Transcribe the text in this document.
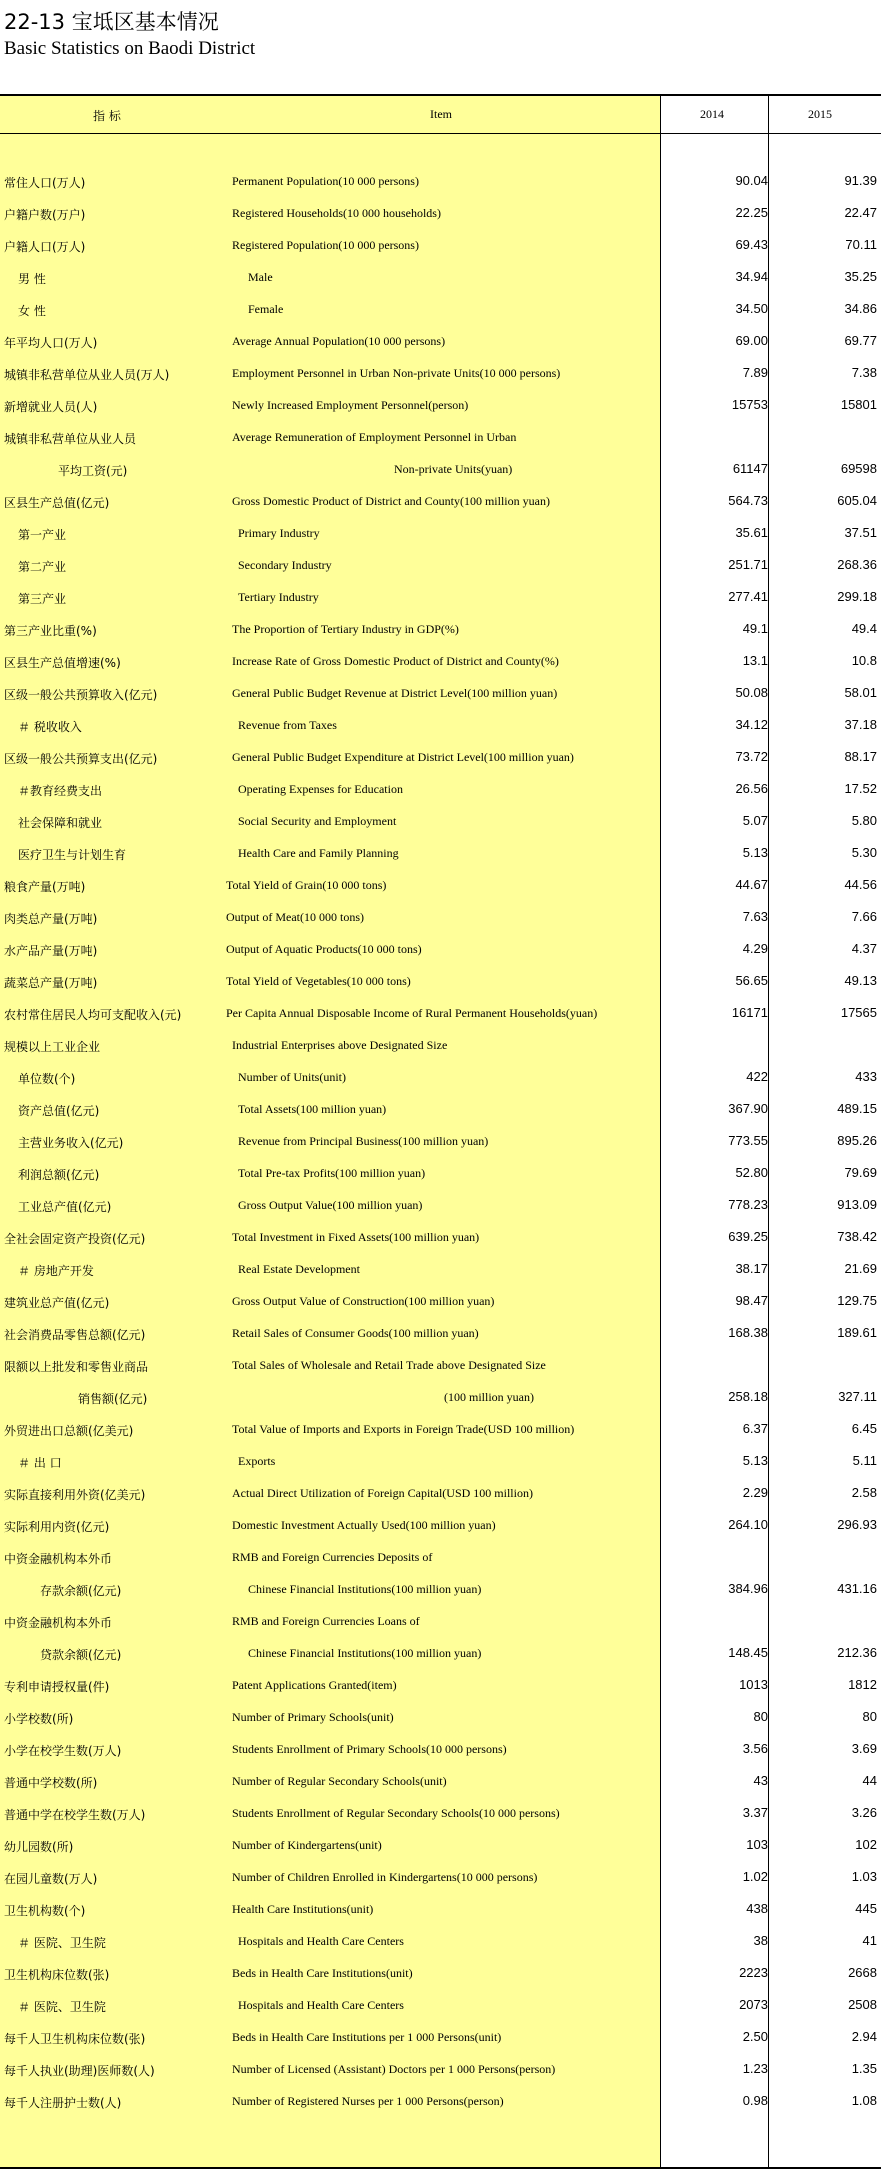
22-13 宝坻区基本情况
Basic Statistics on Baodi District
指 标	Item	2014	2015
常住人口(万人)	Permanent Population(10 000 persons)	90.04	91.39
户籍户数(万户)	Registered Households(10 000 households)	22.25	22.47
户籍人口(万人)	Registered Population(10 000 persons)	69.43	70.11
男 性	Male	34.94	35.25
女 性	Female	34.50	34.86
年平均人口(万人)	Average Annual Population(10 000 persons)	69.00	69.77
城镇非私营单位从业人员(万人)	Employment Personnel in Urban Non-private Units(10 000 persons)	7.89	7.38
新增就业人员(人)	Newly Increased Employment Personnel(person)	15753	15801
城镇非私营单位从业人员	Average Remuneration of Employment Personnel in Urban
平均工资(元)	Non-private Units(yuan)	61147	69598
区县生产总值(亿元)	Gross Domestic Product of District and County(100 million yuan)	564.73	605.04
第一产业	Primary Industry	35.61	37.51
第二产业	Secondary Industry	251.71	268.36
第三产业	Tertiary Industry	277.41	299.18
第三产业比重(%)	The Proportion of Tertiary Industry in GDP(%)	49.1	49.4
区县生产总值增速(%)	Increase Rate of Gross Domestic Product of District and County(%)	13.1	10.8
区级一般公共预算收入(亿元)	General Public Budget Revenue at District Level(100 million yuan)	50.08	58.01
＃ 税收收入	Revenue from Taxes	34.12	37.18
区级一般公共预算支出(亿元)	General Public Budget Expenditure at District Level(100 million yuan)	73.72	88.17
＃教育经费支出	Operating Expenses for Education	26.56	17.52
社会保障和就业	Social Security and Employment	5.07	5.80
医疗卫生与计划生育	Health Care and Family Planning	5.13	5.30
粮食产量(万吨)	Total Yield of Grain(10 000 tons)	44.67	44.56
肉类总产量(万吨)	Output of Meat(10 000 tons)	7.63	7.66
水产品产量(万吨)	Output of Aquatic Products(10 000 tons)	4.29	4.37
蔬菜总产量(万吨)	Total Yield of Vegetables(10 000 tons)	56.65	49.13
农村常住居民人均可支配收入(元)	Per Capita Annual Disposable Income of Rural Permanent Households(yuan)	16171	17565
规模以上工业企业	Industrial Enterprises above Designated Size
单位数(个)	Number of Units(unit)	422	433
资产总值(亿元)	Total Assets(100 million yuan)	367.90	489.15
主营业务收入(亿元)	Revenue from Principal Business(100 million yuan)	773.55	895.26
利润总额(亿元)	Total Pre-tax Profits(100 million yuan)	52.80	79.69
工业总产值(亿元)	Gross Output Value(100 million yuan)	778.23	913.09
全社会固定资产投资(亿元)	Total Investment in Fixed Assets(100 million yuan)	639.25	738.42
＃ 房地产开发	Real Estate Development	38.17	21.69
建筑业总产值(亿元)	Gross Output Value of Construction(100 million yuan)	98.47	129.75
社会消费品零售总额(亿元)	Retail Sales of Consumer Goods(100 million yuan)	168.38	189.61
限额以上批发和零售业商品	Total Sales of Wholesale and Retail Trade above Designated Size
销售额(亿元)	(100 million yuan)	258.18	327.11
外贸进出口总额(亿美元)	Total Value of Imports and Exports in Foreign Trade(USD 100 million)	6.37	6.45
＃ 出 口	Exports	5.13	5.11
实际直接利用外资(亿美元)	Actual Direct Utilization of Foreign Capital(USD 100 million)	2.29	2.58
实际利用内资(亿元)	Domestic Investment Actually Used(100 million yuan)	264.10	296.93
中资金融机构本外币	RMB and Foreign Currencies Deposits of
存款余额(亿元)	Chinese Financial Institutions(100 million yuan)	384.96	431.16
中资金融机构本外币	RMB and Foreign Currencies Loans of
贷款余额(亿元)	Chinese Financial Institutions(100 million yuan)	148.45	212.36
专利申请授权量(件)	Patent Applications Granted(item)	1013	1812
小学校数(所)	Number of Primary Schools(unit)	80	80
小学在校学生数(万人)	Students Enrollment of Primary Schools(10 000 persons)	3.56	3.69
普通中学校数(所)	Number of Regular Secondary Schools(unit)	43	44
普通中学在校学生数(万人)	Students Enrollment of Regular Secondary Schools(10 000 persons)	3.37	3.26
幼儿园数(所)	Number of Kindergartens(unit)	103	102
在园儿童数(万人)	Number of Children Enrolled in Kindergartens(10 000 persons)	1.02	1.03
卫生机构数(个)	Health Care Institutions(unit)	438	445
＃ 医院、卫生院	Hospitals and Health Care Centers	38	41
卫生机构床位数(张)	Beds in Health Care Institutions(unit)	2223	2668
＃ 医院、卫生院	Hospitals and Health Care Centers	2073	2508
每千人卫生机构床位数(张)	Beds in Health Care Institutions per 1 000 Persons(unit)	2.50	2.94
每千人执业(助理)医师数(人)	Number of Licensed (Assistant) Doctors per 1 000 Persons(person)	1.23	1.35
每千人注册护士数(人)	Number of Registered Nurses per 1 000 Persons(person)	0.98	1.08
